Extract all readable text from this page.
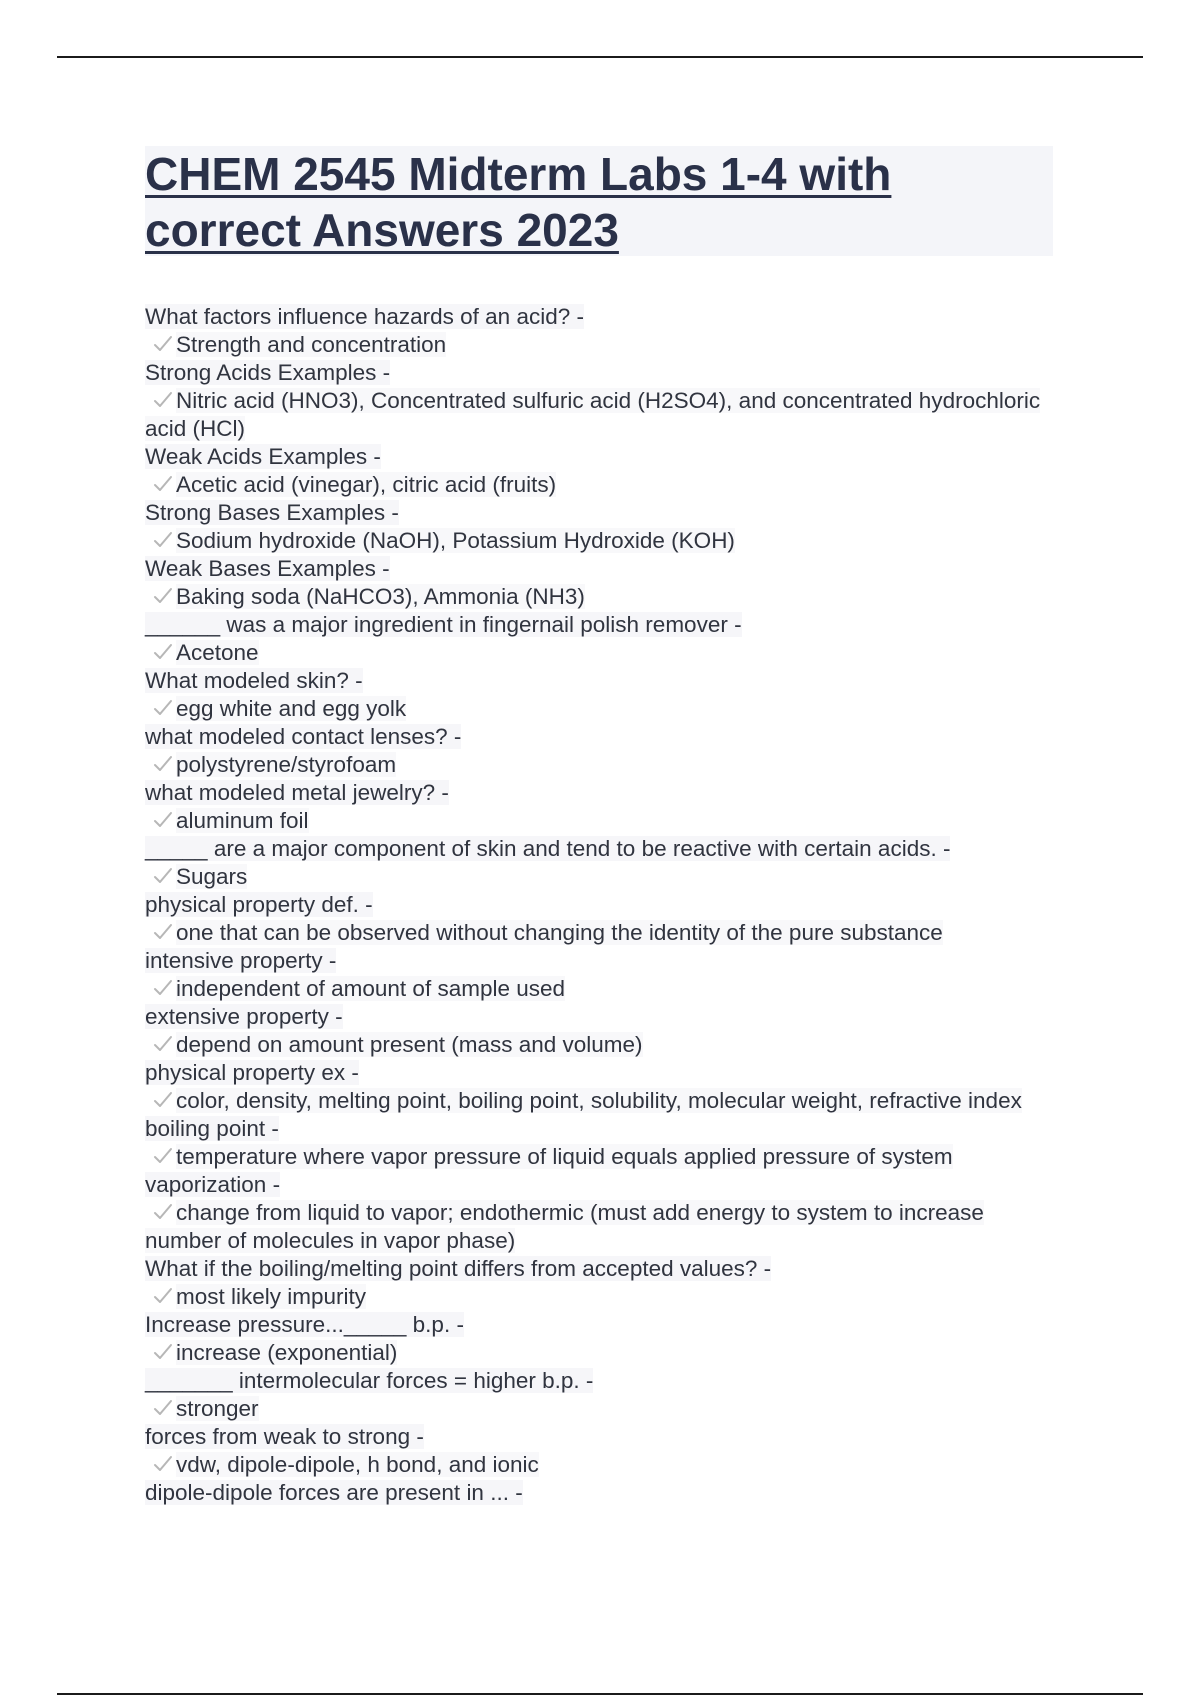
CHEM 2545 Midterm Labs 1-4 with
correct Answers 2023
What factors influence hazards of an acid? -
Strength and concentration
Strong Acids Examples -
Nitric acid (HNO3), Concentrated sulfuric acid (H2SO4), and concentrated hydrochloric acid (HCl)
Weak Acids Examples -
Acetic acid (vinegar), citric acid (fruits)
Strong Bases Examples -
Sodium hydroxide (NaOH), Potassium Hydroxide (KOH)
Weak Bases Examples -
Baking soda (NaHCO3), Ammonia (NH3)
______ was a major ingredient in fingernail polish remover -
Acetone
What modeled skin? -
egg white and egg yolk
what modeled contact lenses? -
polystyrene/styrofoam
what modeled metal jewelry? -
aluminum foil
_____ are a major component of skin and tend to be reactive with certain acids. -
Sugars
physical property def. -
one that can be observed without changing the identity of the pure substance
intensive property -
independent of amount of sample used
extensive property -
depend on amount present (mass and volume)
physical property ex -
color, density, melting point, boiling point, solubility, molecular weight, refractive index
boiling point -
temperature where vapor pressure of liquid equals applied pressure of system
vaporization -
change from liquid to vapor; endothermic (must add energy to system to increase number of molecules in vapor phase)
What if the boiling/melting point differs from accepted values? -
most likely impurity
Increase pressure..._____ b.p. -
increase (exponential)
_______ intermolecular forces = higher b.p. -
stronger
forces from weak to strong -
vdw, dipole-dipole, h bond, and ionic
dipole-dipole forces are present in ... -
